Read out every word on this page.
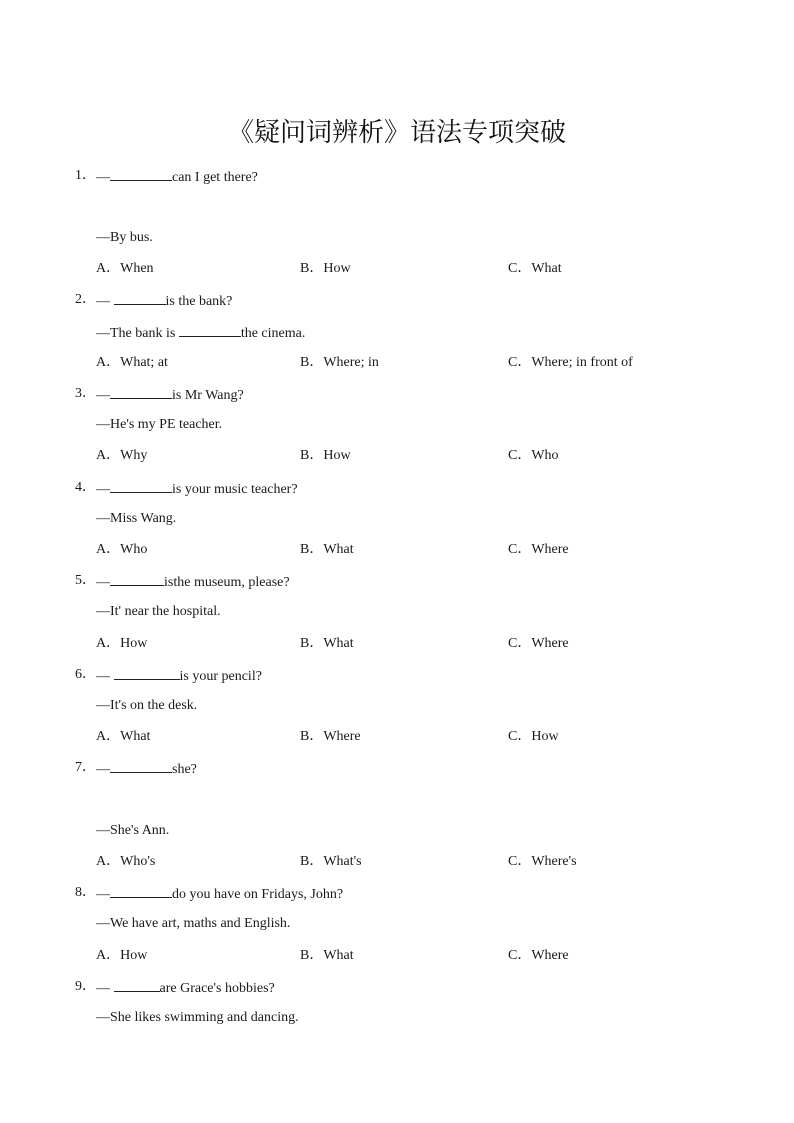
《疑问词辨析》语法专项突破
1． —	can I get there?
—By bus.
A．When	B．How	C．What
2． —	is the bank?
—The bank is	the cinema.
A．What; at	B．Where; in	C．Where; in front of
3． —	is Mr Wang?
—He's my PE teacher.
A．Why	B．How	C．Who
4． —	is your music teacher?
—Miss Wang.
A．Who	B．What	C．Where
5． —	isthe museum, please?
—It' near the hospital.
A．How	B．What	C．Where
6． —	is your pencil?
—It's on the desk.
A．What	B．Where	C．How
7． —	she?
—She's Ann.
A．Who's	B．What's	C．Where's
8． —	do you have on Fridays, John?
—We have art, maths and English.
A．How	B．What	C．Where
9． —	are Grace's hobbies?
—She likes swimming and dancing.
